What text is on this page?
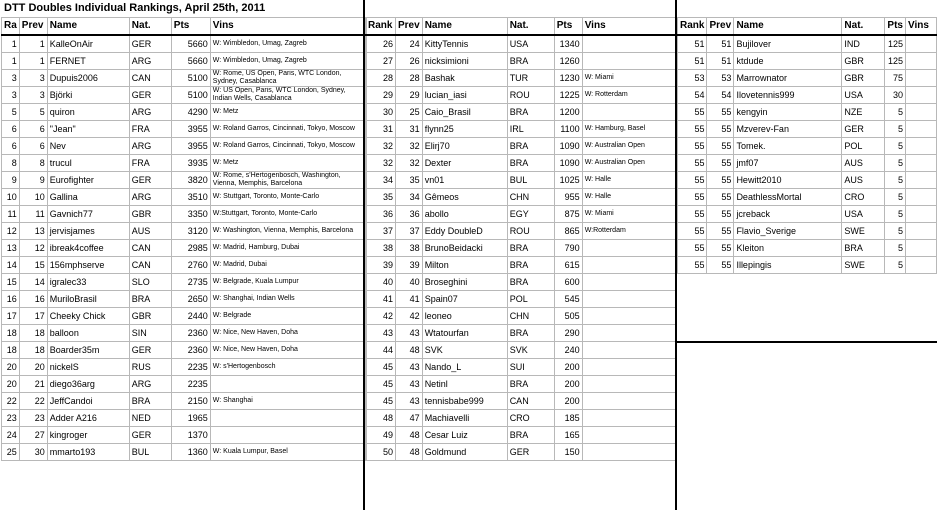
DTT Doubles Individual Rankings, April 25th, 2011
Ra	Prev	Name	Nat.	Pts	Vins
1	1	KalleOnAir	GER	5660	W: Wimbledon, Umag, Zagreb
1	1	FERNET	ARG	5660	W: Wimbledon, Umag, Zagreb
3	3	Dupuis2006	CAN	5100	W: Rome, US Open, Paris, WTC London, Sydney, Casablanca
3	3	Björki	GER	5100	W: US Open, Paris, WTC London, Sydney, Indian Wells, Casablanca
5	5	quiron	ARG	4290	W: Metz
6	6	"Jean"	FRA	3955	W: Roland Garros, Cincinnati, Tokyo, Moscow
6	6	Nev	ARG	3955	W: Roland Garros, Cincinnati, Tokyo, Moscow
8	8	trucul	FRA	3935	W: Metz
9	9	Eurofighter	GER	3820	W: Rome, s'Hertogenbosch, Washington, Vienna, Memphis, Barcelona
10	10	Gallina	ARG	3510	W: Stuttgart, Toronto, Monte-Carlo
11	11	Gavnich77	GBR	3350	W:Stuttgart, Toronto, Monte-Carlo
12	13	jervisjames	AUS	3120	W: Washington, Vienna, Memphis, Barcelona
13	12	ibreak4coffee	CAN	2985	W: Madrid, Hamburg, Dubai
14	15	156mphserve	CAN	2760	W: Madrid, Dubai
15	14	igralec33	SLO	2735	W: Belgrade, Kuala Lumpur
16	16	MuriloBrasil	BRA	2650	W: Shanghai, Indian Wells
17	17	Cheeky Chick	GBR	2440	W: Belgrade
18	18	balloon	SIN	2360	W: Nice, New Haven, Doha
18	18	Boarder35m	GER	2360	W: Nice, New Haven, Doha
20	20	nickelS	RUS	2235	W: s'Hertogenbosch
20	21	diego36arg	ARG	2235	
22	22	JeffCandoi	BRA	2150	W: Shanghai
23	23	Adder A216	NED	1965	
24	27	kingroger	GER	1370	
25	30	mmarto193	BUL	1360	W: Kuala Lumpur, Basel
Rank	Prev	Name	Nat.	Pts	Vins
26	24	KittyTennis	USA	1340	
27	26	nicksimioni	BRA	1260	
28	28	Bashak	TUR	1230	W: Miami
29	29	lucian_iasi	ROU	1225	W: Rotterdam
30	25	Caio_Brasil	BRA	1200	
31	31	flynn25	IRL	1100	W: Hamburg, Basel
32	32	Elirj70	BRA	1090	W: Australian Open
32	32	Dexter	BRA	1090	W: Australian Open
34	35	vn01	BUL	1025	W: Halle
35	34	Gêmeos	CHN	955	W: Halle
36	36	abollo	EGY	875	W: Miami
37	37	Eddy DoubleD	ROU	865	W:Rotterdam
38	38	BrunoBeidacki	BRA	790	
39	39	Milton	BRA	615	
40	40	Broseghini	BRA	600	
41	41	Spain07	POL	545	
42	42	leoneo	CHN	505	
43	43	Wtatourfan	BRA	290	
44	48	SVK	SVK	240	
45	43	Nando_L	SUI	200	
45	43	Netinl	BRA	200	
45	43	tennisbabe999	CAN	200	
48	47	Machiavelli	CRO	185	
49	48	Cesar Luiz	BRA	165	
50	48	Goldmund	GER	150	
Rank	Prev	Name	Nat.	Pts	Vins
51	51	Bujilover	IND	125	
51	51	ktdude	GBR	125	
53	53	Marrownator	GBR	75	
54	54	Ilovetennis999	USA	30	
55	55	kengyin	NZE	5	
55	55	Mzverev-Fan	GER	5	
55	55	Tomek.	POL	5	
55	55	jmf07	AUS	5	
55	55	Hewitt2010	AUS	5	
55	55	DeathlessMortal	CRO	5	
55	55	jcreback	USA	5	
55	55	Flavio_Sverige	SWE	5	
55	55	Kleiton	BRA	5	
55	55	Illepingis	SWE	5	
